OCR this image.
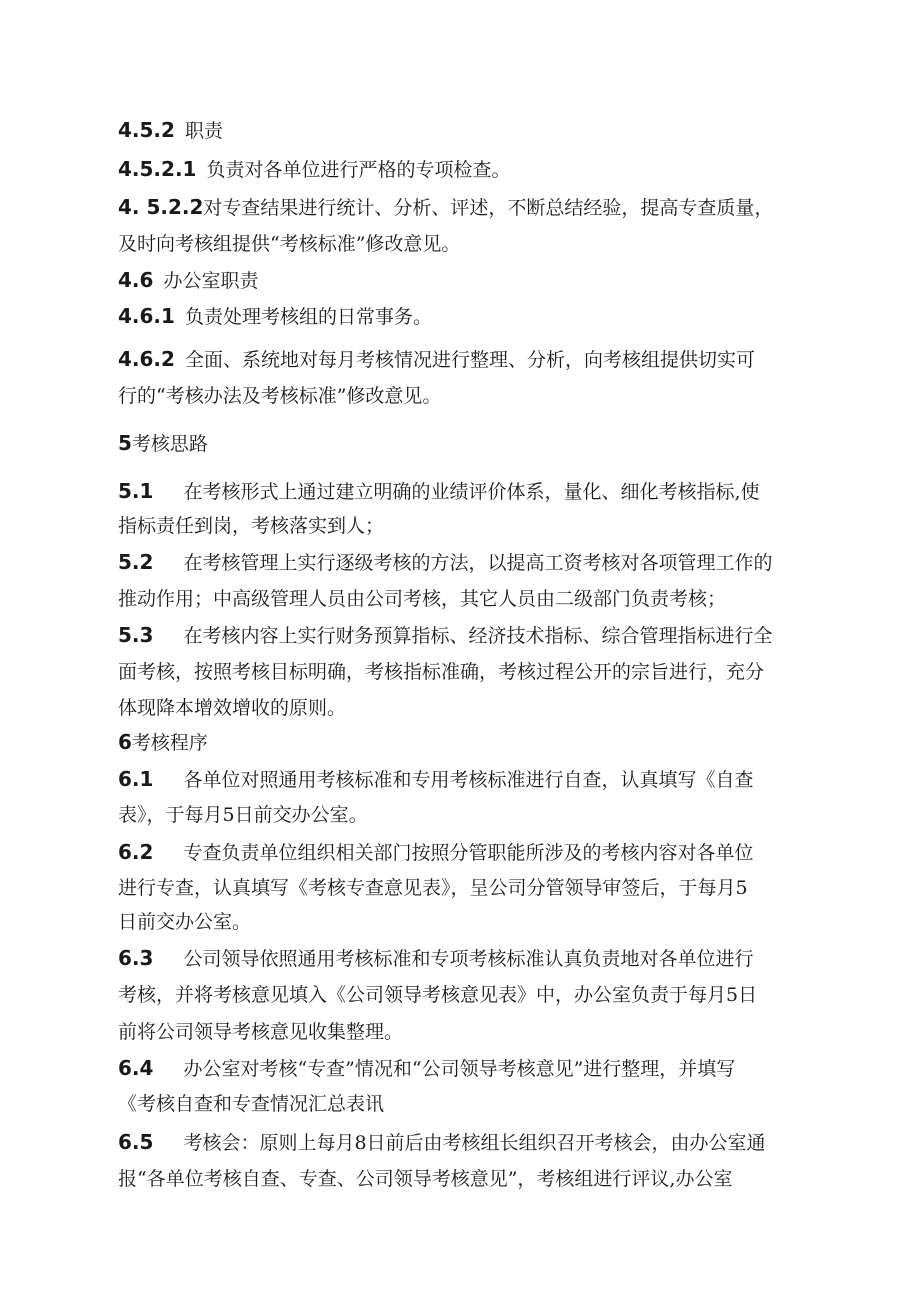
4.5.2 职责
4.5.2.1 负责对各单位进行严格的专项检查。
4. 5.2.2对专查结果进行统计、分析、评述，不断总结经验，提高专查质量，
及时向考核组提供“考核标准”修改意见。
4.6 办公室职责
4.6.1 负责处理考核组的日常事务。
4.6.2 全面、系统地对每月考核情况进行整理、分析，向考核组提供切实可
行的“考核办法及考核标准”修改意见。
5考核思路
5.1 在考核形式上通过建立明确的业绩评价体系，量化、细化考核指标,使
指标责任到岗，考核落实到人；
5.2 在考核管理上实行逐级考核的方法，以提高工资考核对各项管理工作的
推动作用；中高级管理人员由公司考核，其它人员由二级部门负责考核；
5.3 在考核内容上实行财务预算指标、经济技术指标、综合管理指标进行全
面考核，按照考核目标明确，考核指标准确，考核过程公开的宗旨进行，充分
体现降本增效增收的原则。
6考核程序
6.1 各单位对照通用考核标准和专用考核标准进行自查，认真填写《自查
表》，于每月5日前交办公室。
6.2 专查负责单位组织相关部门按照分管职能所涉及的考核内容对各单位
进行专查，认真填写《考核专查意见表》，呈公司分管领导审签后，于每月5
日前交办公室。
6.3 公司领导依照通用考核标准和专项考核标准认真负责地对各单位进行
考核，并将考核意见填入《公司领导考核意见表》中，办公室负责于每月5日
前将公司领导考核意见收集整理。
6.4 办公室对考核“专查”情况和“公司领导考核意见”进行整理，并填写
《考核自查和专查情况汇总表讯
6.5 考核会：原则上每月8日前后由考核组长组织召开考核会，由办公室通
报“各单位考核自查、专查、公司领导考核意见”，考核组进行评议,办公室
